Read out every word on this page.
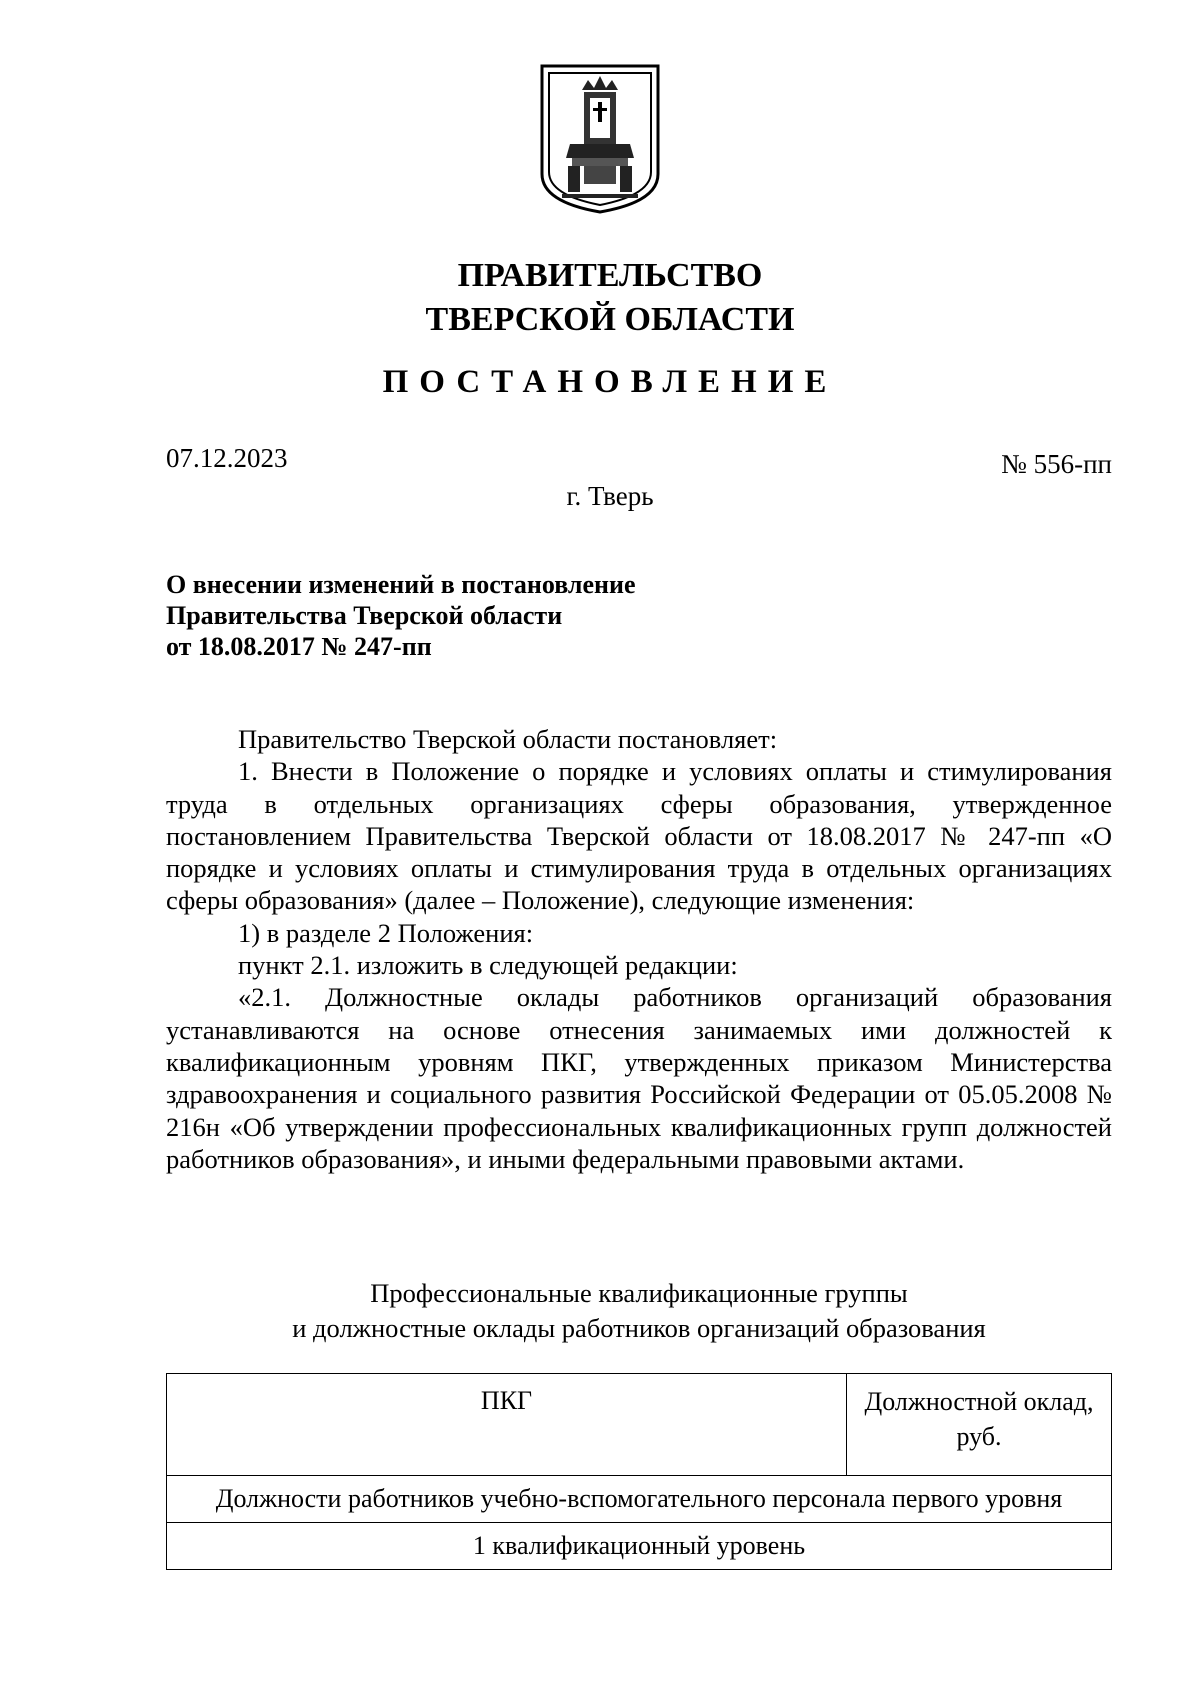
ПРАВИТЕЛЬСТВО
ТВЕРСКОЙ ОБЛАСТИ
ПОСТАНОВЛЕНИЕ
07.12.2023	№ 556-пп
г. Тверь
О внесении изменений в постановление
Правительства Тверской области
от 18.08.2017 № 247-пп

Правительство Тверской области постановляет:

1. Внести в Положение о порядке и условиях оплаты и стимулирования труда в отдельных организациях сферы образования, утвержденное постановлением Правительства Тверской области от 18.08.2017 № 247-пп «О порядке и условиях оплаты и стимулирования труда в отдельных организациях сферы образования» (далее – Положение), следующие изменения:

1) в разделе 2 Положения:

пункт 2.1. изложить в следующей редакции:

«2.1. Должностные оклады работников организаций образования устанавливаются на основе отнесения занимаемых ими должностей к квалификационным уровням ПКГ, утвержденных приказом Министерства здравоохранения и социального развития Российской Федерации от 05.05.2008 № 216н «Об утверждении профессиональных квалификационных групп должностей работников образования», и иными федеральными правовыми актами.

Профессиональные квалификационные группы
и должностные оклады работников организаций образования
ПКГ	Должностной оклад,
руб.

Должности работников учебно-вспомогательного персонала первого уровня
1 квалификационный уровень
